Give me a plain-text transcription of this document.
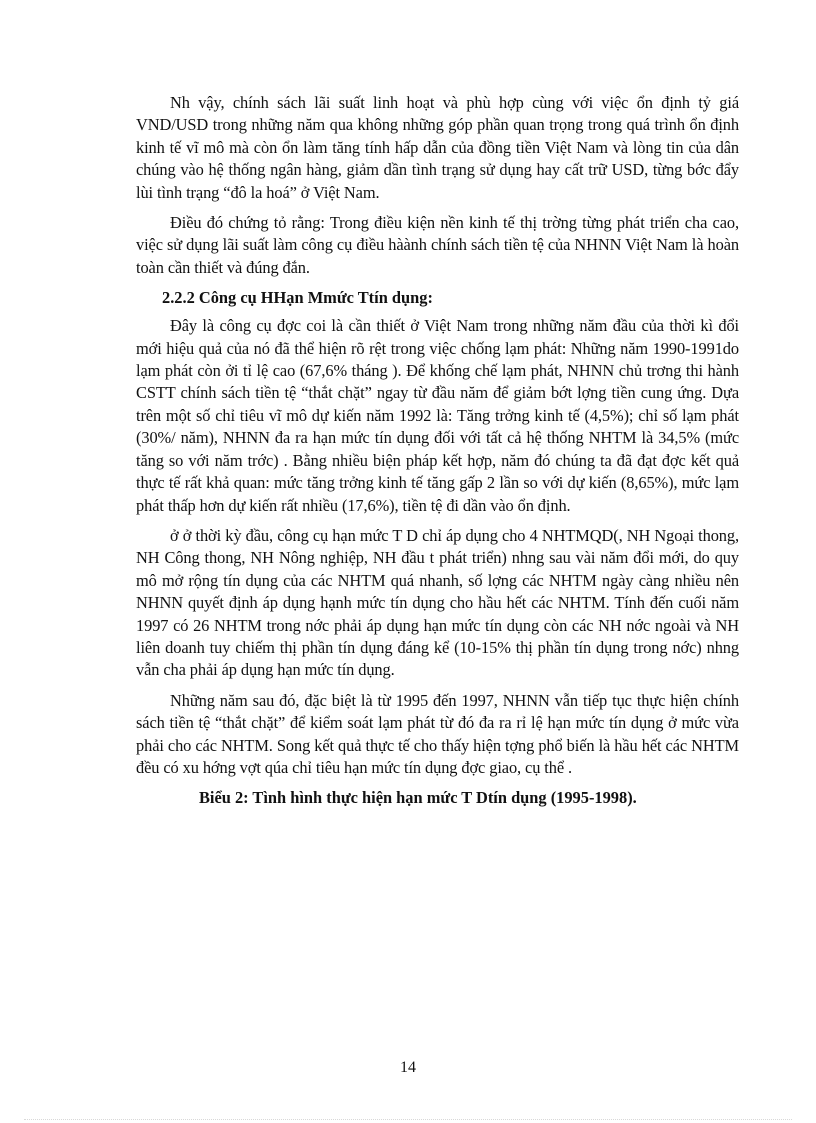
Nh vậy, chính sách lãi suất linh hoạt và phù hợp cùng với việc ổn định tỷ giá VND/USD trong những năm qua không những góp phần quan trọng trong quá trình ổn định kinh tế vĩ mô mà còn ổn làm tăng tính hấp dẫn của đồng tiền Việt Nam và lòng tin của dân chúng vào hệ thống ngân hàng, giảm dần tình trạng sử dụng hay cất trữ USD, từng bớc đẩy lùi tình trạng “đô la hoá” ở Việt Nam.

Điều đó chứng tỏ rằng: Trong điều kiện nền kinh tế thị trờng từng phát triển cha cao, việc sử dụng lãi suất làm công cụ điều hàành chính sách tiền tệ của NHNN Việt Nam là hoàn toàn cần thiết và đúng đắn.

2.2.2 Công cụ HHạn Mmức Ttín dụng:

Đây là công cụ đợc coi là cần thiết ở Việt Nam trong những năm đầu của thời kì đổi mới hiệu quả của nó đã thể hiện rõ rệt trong việc chống lạm phát: Những năm 1990-1991do lạm phát còn ởi tỉ lệ cao (67,6% tháng ). Để khống chế lạm phát, NHNN chủ trơng thi hành CSTT chính sách tiền tệ “thắt chặt” ngay từ đầu năm để giảm bớt lợng tiền cung ứng. Dựa trên một số chỉ tiêu vĩ mô dự kiến năm 1992 là: Tăng trởng kinh tế (4,5%); chỉ số lạm phát (30%/ năm), NHNN đa ra hạn mức tín dụng đối với tất cả hệ thống NHTM là 34,5% (mức tăng so với năm trớc) . Bằng nhiều biện pháp kết hợp, năm đó chúng ta đã đạt đợc kết quả thực tế rất khả quan: mức tăng trởng kinh tế tăng gấp 2 lần so với dự kiến (8,65%), mức lạm phát thấp hơn dự kiến rất nhiều (17,6%), tiền tệ đi dần vào ổn định.

ở ở thời kỳ đầu, công cụ hạn mức T D chỉ áp dụng cho 4 NHTMQD(, NH Ngoại thong, NH Công thong, NH Nông nghiệp, NH đầu t phát triển) nhng sau vài năm đổi mới, do quy mô mở rộng tín dụng của các NHTM quá nhanh, số lợng các NHTM ngày càng nhiều nên NHNN quyết định áp dụng hạnh mức tín dụng cho hầu hết các NHTM. Tính đến cuối năm 1997 có 26 NHTM trong nớc phải áp dụng hạn mức tín dụng còn các NH nớc ngoài và NH liên doanh tuy chiếm thị phần tín dụng đáng kể (10-15% thị phần tín dụng trong nớc) nhng vẫn cha phải áp dụng hạn mức tín dụng.

Những năm sau đó, đặc biệt là từ 1995 đến 1997, NHNN vẫn tiếp tục thực hiện chính sách tiền tệ “thắt chặt” để kiểm soát lạm phát từ đó đa ra rỉ lệ hạn mức tín dụng ở mức vừa phải cho các NHTM. Song kết quả thực tế cho thấy hiện tợng phổ biến là hầu hết các NHTM đều có xu hớng vợt qúa chỉ tiêu hạn mức tín dụng đợc giao, cụ thể .

Biểu 2: Tình hình thực hiện hạn mức T Dtín dụng (1995-1998).

14
